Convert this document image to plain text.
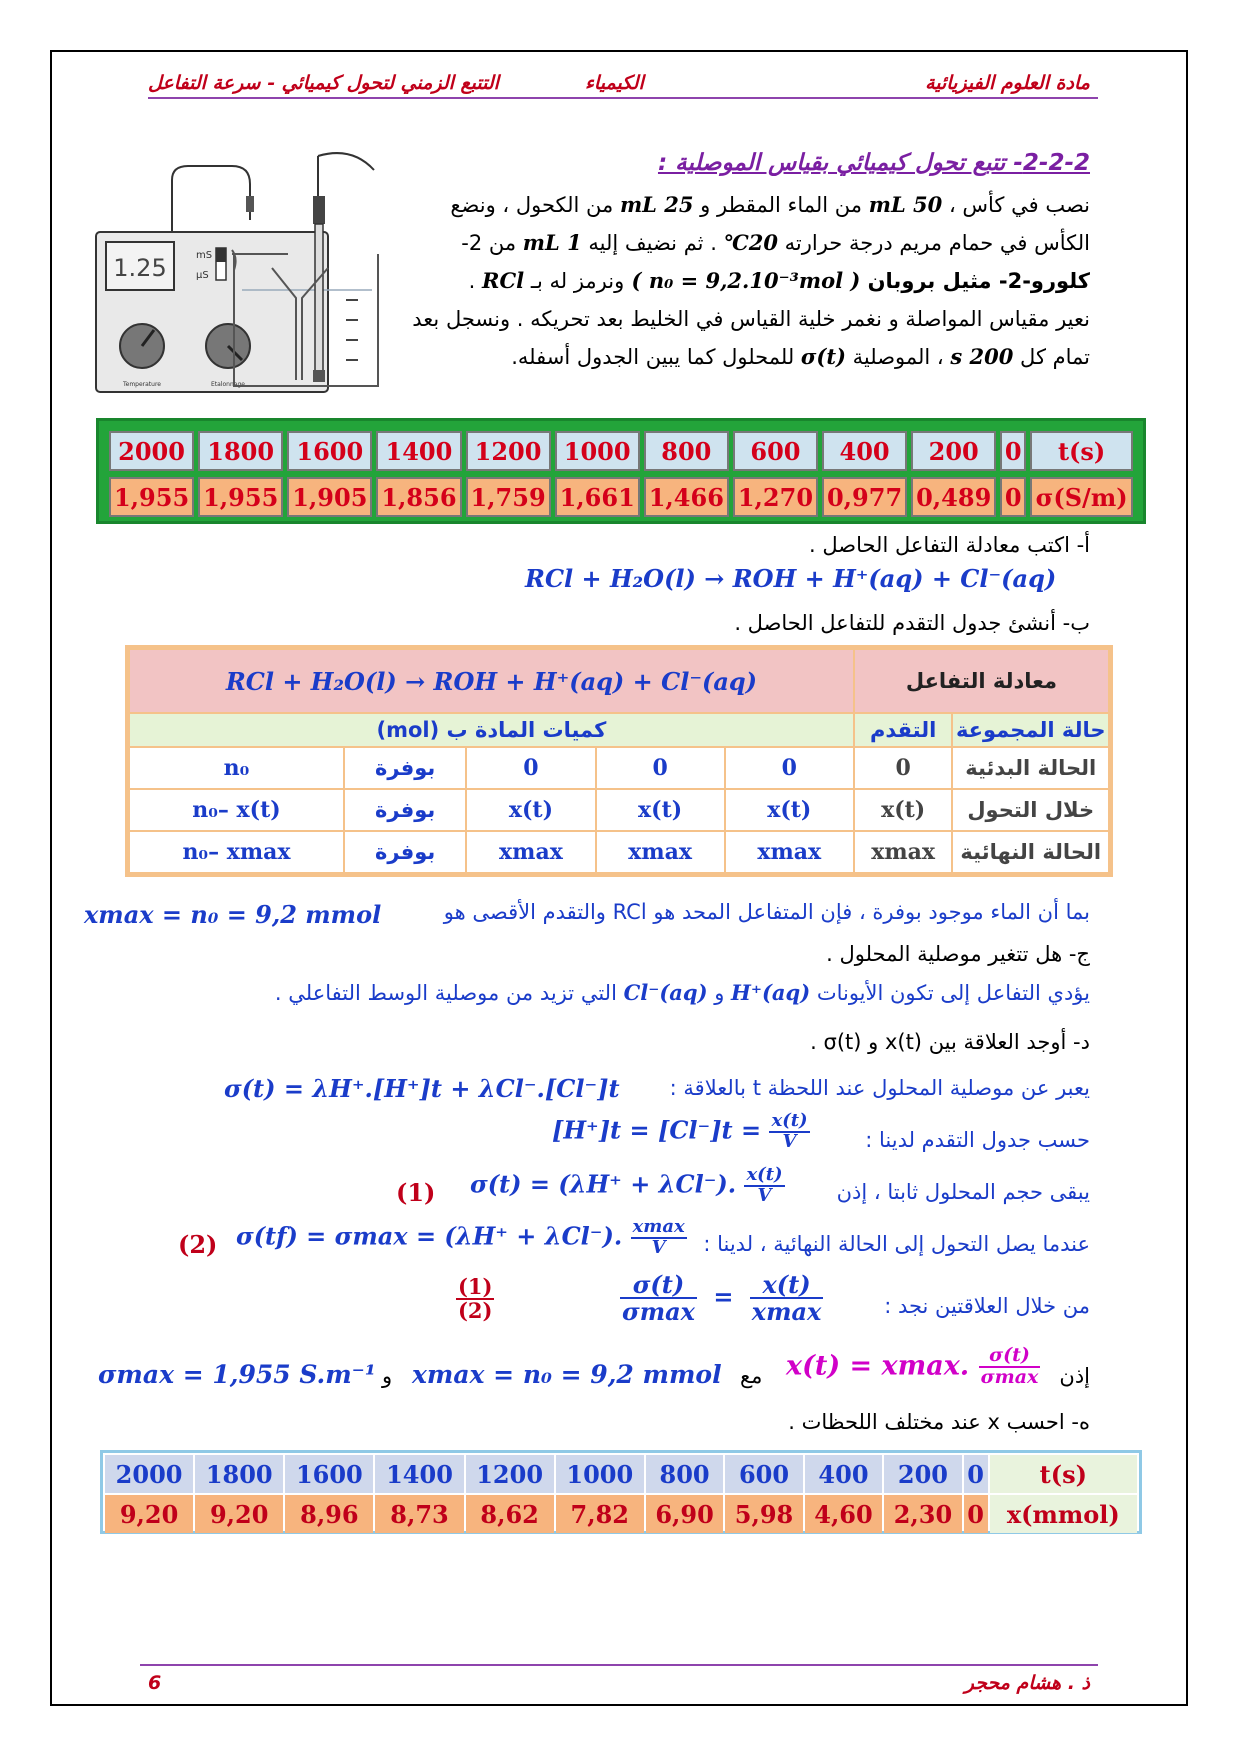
مادة العلوم الفيزيائية
الكيمياء
التتبع الزمني لتحول كيميائي - سرعة التفاعل
2-2-2- تتبع تحول كيميائي بقياس الموصلية :
1.25	mS
µS
Temperature	Etalonnage
نصب في كأس ، 50 mL من الماء المقطر و 25 mL من الكحول ، ونضع
الكأس في حمام مريم درجة حرارته 20℃ . ثم نضيف إليه 1 mL من 2-
كلورو-2- مثيل بروبان ( n₀ = 9,2.10⁻³mol ) ونرمز له بـ RCl .
نعير مقياس المواصلة و نغمر خلية القياس في الخليط بعد تحريكه . ونسجل بعد
تمام كل 200 s ، الموصلية σ(t) للمحلول كما يبين الجدول أسفله.
2000	1800	1600	1400	1200	1000	800	600	400	200	0	t(s)
1,955	1,955	1,905	1,856	1,759	1,661	1,466	1,270	0,977	0,489	0	σ(S/m)
أ- اكتب معادلة التفاعل الحاصل .
RCl + H₂O(l) → ROH + H⁺(aq) + Cl⁻(aq)
ب- أنشئ جدول التقدم للتفاعل الحاصل .
معادلة التفاعل		RCl + H₂O(l) → ROH + H⁺(aq) + Cl⁻(aq)				
حالة المجموعة	التقدم	كميات المادة ب (mol)				
الحالة البدئية	0	0	0	0	بوفرة	n₀
خلال التحول	x(t)	x(t)	x(t)	x(t)	بوفرة	n₀– x(t)
الحالة النهائية	xmax	xmax	xmax	xmax	بوفرة	n₀– xmax
بما أن الماء موجود بوفرة ، فإن المتفاعل المحد هو RCl والتقدم الأقصى هو
xmax = n₀ = 9,2 mmol
ج- هل تتغير موصلية المحلول .
يؤدي التفاعل إلى تكون الأيونات H⁺(aq) و Cl⁻(aq) التي تزيد من موصلية الوسط التفاعلي .
د- أوجد العلاقة بين x(t) و σ(t) .
يعبر عن موصلية المحلول عند اللحظة t بالعلاقة :
σ(t) = λH⁺.[H⁺]t + λCl⁻.[Cl⁻]t
حسب جدول التقدم لدينا :
$[H^+]t = [Cl^-]t = \frac{x(t)}{V}$
يبقى حجم المحلول ثابتا ، إذن
σ(t) = (λH⁺ + λCl⁻). $\frac{x(t)}{V}$
(1)
عندما يصل التحول إلى الحالة النهائية ، لدينا :
σ(tf) = σmax = (λH⁺ + λCl⁻). $\frac{xmax}{V}$
(2)
من خلال العلاقتين نجد :
$\frac{\sigma(t)}{\sigma\max} = \frac{x(t)}{xmax}$
$\frac{(1)}{(2)}$
إذن
x(t) = xmax. $\frac{\sigma(t)}{\sigma\max}$
مع
xmax = n₀ = 9,2 mmol
و
σmax = 1,955 S.m⁻¹
ه- احسب x عند مختلف اللحظات .
2000	1800	1600	1400	1200	1000	800	600	400	200	0	t(s)
9,20	9,20	8,96	8,73	8,62	7,82	6,90	5,98	4,60	2,30	0	x(mmol)
ذ . هشام محجر
6
